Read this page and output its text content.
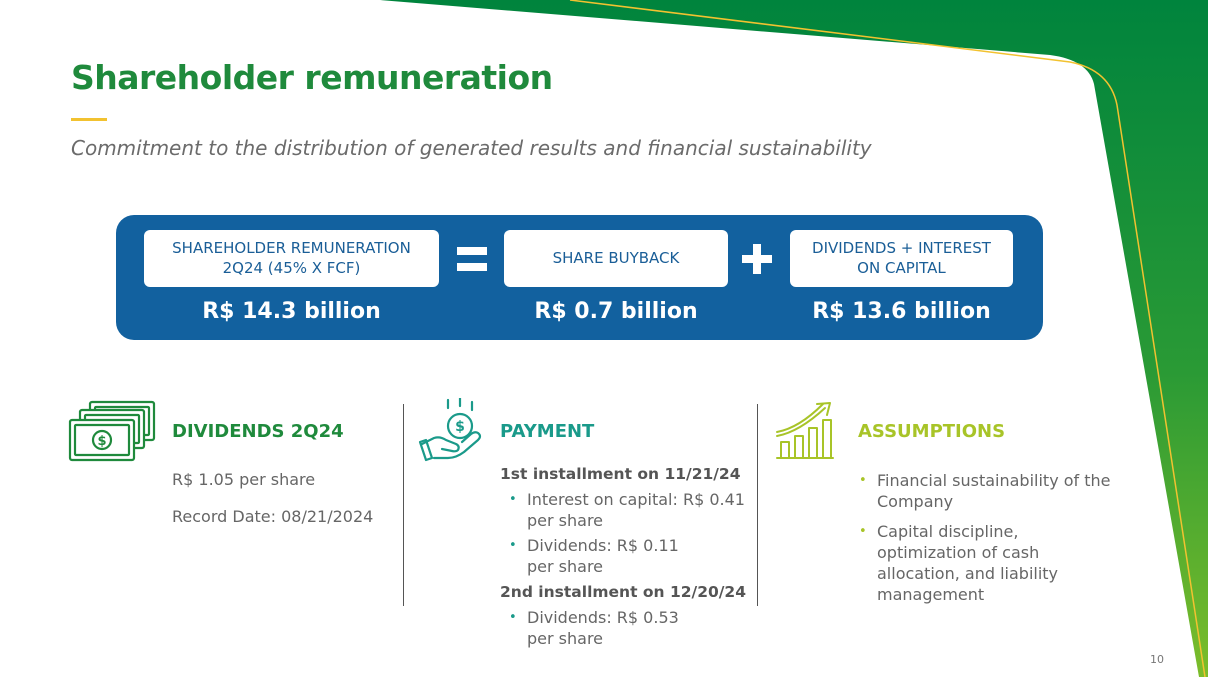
Shareholder remuneration
Commitment to the distribution of generated results and financial sustainability
SHAREHOLDER REMUNERATION
2Q24 (45% X FCF)
SHARE BUYBACK
DIVIDENDS + INTEREST
ON CAPITAL
R$ 14.3 billion	R$ 0.7 billion	R$ 13.6 billion
$	DIVIDENDS 2Q24
R$ 1.05 per share
Record Date: 08/21/2024
$ PAYMENT
1st installment on 11/21/24
• Interest on capital: R$ 0.41
per share
• Dividends: R$ 0.11
per share
2nd installment on 12/20/24
• Dividends: R$ 0.53
per share
ASSUMPTIONS
• Financial sustainability of the
Company
• Capital discipline,
optimization of cash
allocation, and liability
management
10
